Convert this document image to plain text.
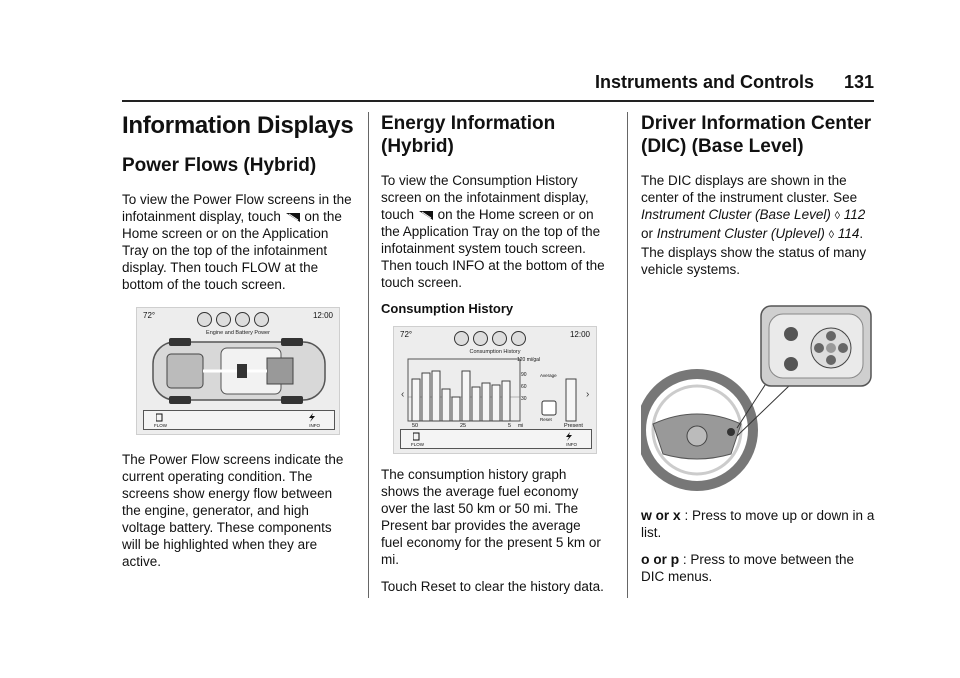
Instruments and Controls 131
Information Displays
Power Flows (Hybrid)

To view the Power Flow screens in the infotainment display, touch on the Home screen or on the Application Tray on the top of the infotainment display. Then touch FLOW at the bottom of the touch screen.

72°	12:00
Engine and Battery Power
FLOW	INFO

The Power Flow screens indicate the current operating condition. The screens show energy flow between the engine, generator, and high voltage battery. These components will be highlighted when they are active.

Energy Information (Hybrid)

To view the Consumption History screen on the infotainment display, touch on the Home screen or on the Application Tray on the top of the infotainment system touch screen. Then touch INFO at the bottom of the touch screen.

Consumption History
72°	12:00
Consumption History
‹	›
120 mi/gal
90
60
30
Average
Reset
50	25	5 mi	Present
FLOW	INFO

The consumption history graph shows the average fuel economy over the last 50 km or 50 mi. The Present bar provides the average fuel economy for the present 5 km or mi.

Touch Reset to clear the history data.

Driver Information Center (DIC) (Base Level)

The DIC displays are shown in the center of the instrument cluster. See Instrument Cluster (Base Level) ◊ 112 or Instrument Cluster (Uplevel) ◊ 114. The displays show the status of many vehicle systems.

w or x : Press to move up or down in a list.

o or p : Press to move between the DIC menus.
